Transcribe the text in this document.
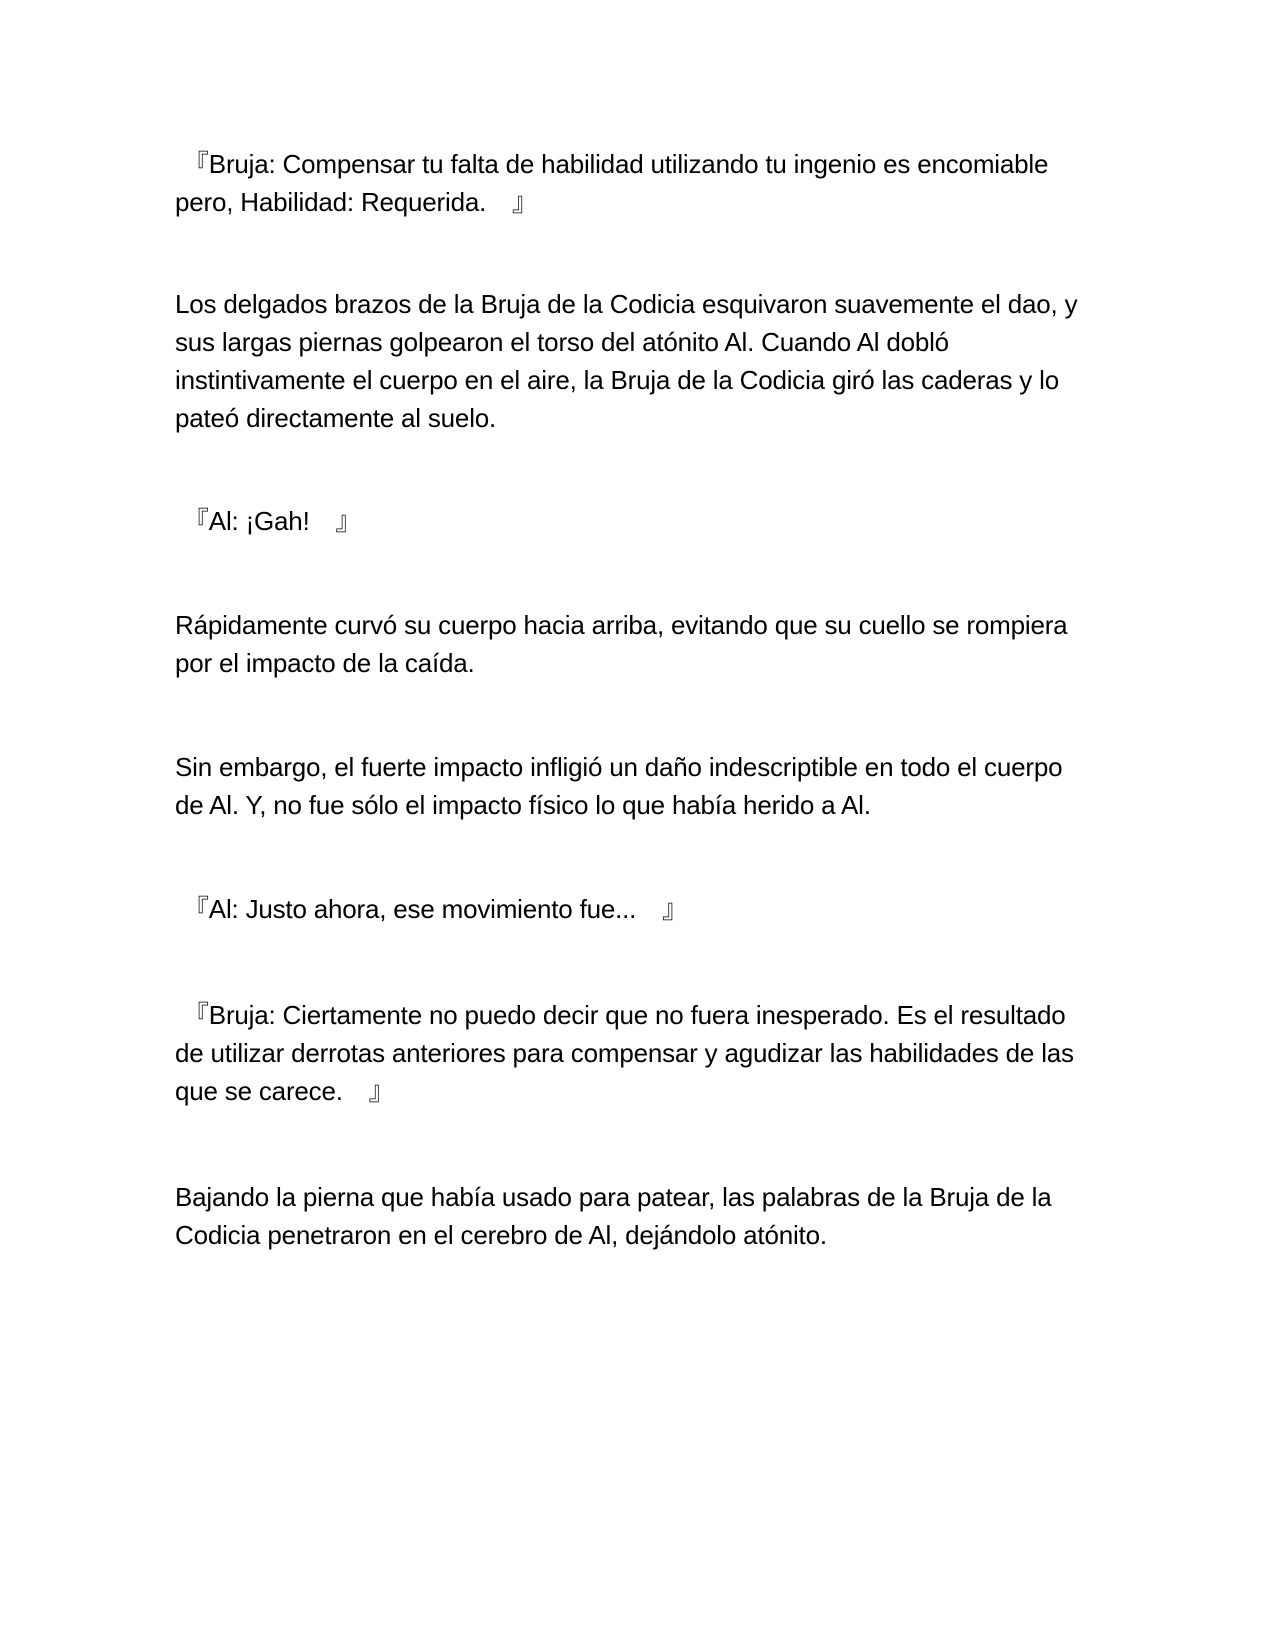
『Bruja: Compensar tu falta de habilidad utilizando tu ingenio es encomiable pero, Habilidad: Requerida.　』

Los delgados brazos de la Bruja de la Codicia esquivaron suavemente el dao, y sus largas piernas golpearon el torso del atónito Al. Cuando Al dobló instintivamente el cuerpo en el aire, la Bruja de la Codicia giró las caderas y lo pateó directamente al suelo.

『Al: ¡Gah!　』

Rápidamente curvó su cuerpo hacia arriba, evitando que su cuello se rompiera por el impacto de la caída.

Sin embargo, el fuerte impacto infligió un daño indescriptible en todo el cuerpo de Al. Y, no fue sólo el impacto físico lo que había herido a Al.

『Al: Justo ahora, ese movimiento fue...　』

『Bruja: Ciertamente no puedo decir que no fuera inesperado. Es el resultado de utilizar derrotas anteriores para compensar y agudizar las habilidades de las que se carece.　』

Bajando la pierna que había usado para patear, las palabras de la Bruja de la Codicia penetraron en el cerebro de Al, dejándolo atónito.
